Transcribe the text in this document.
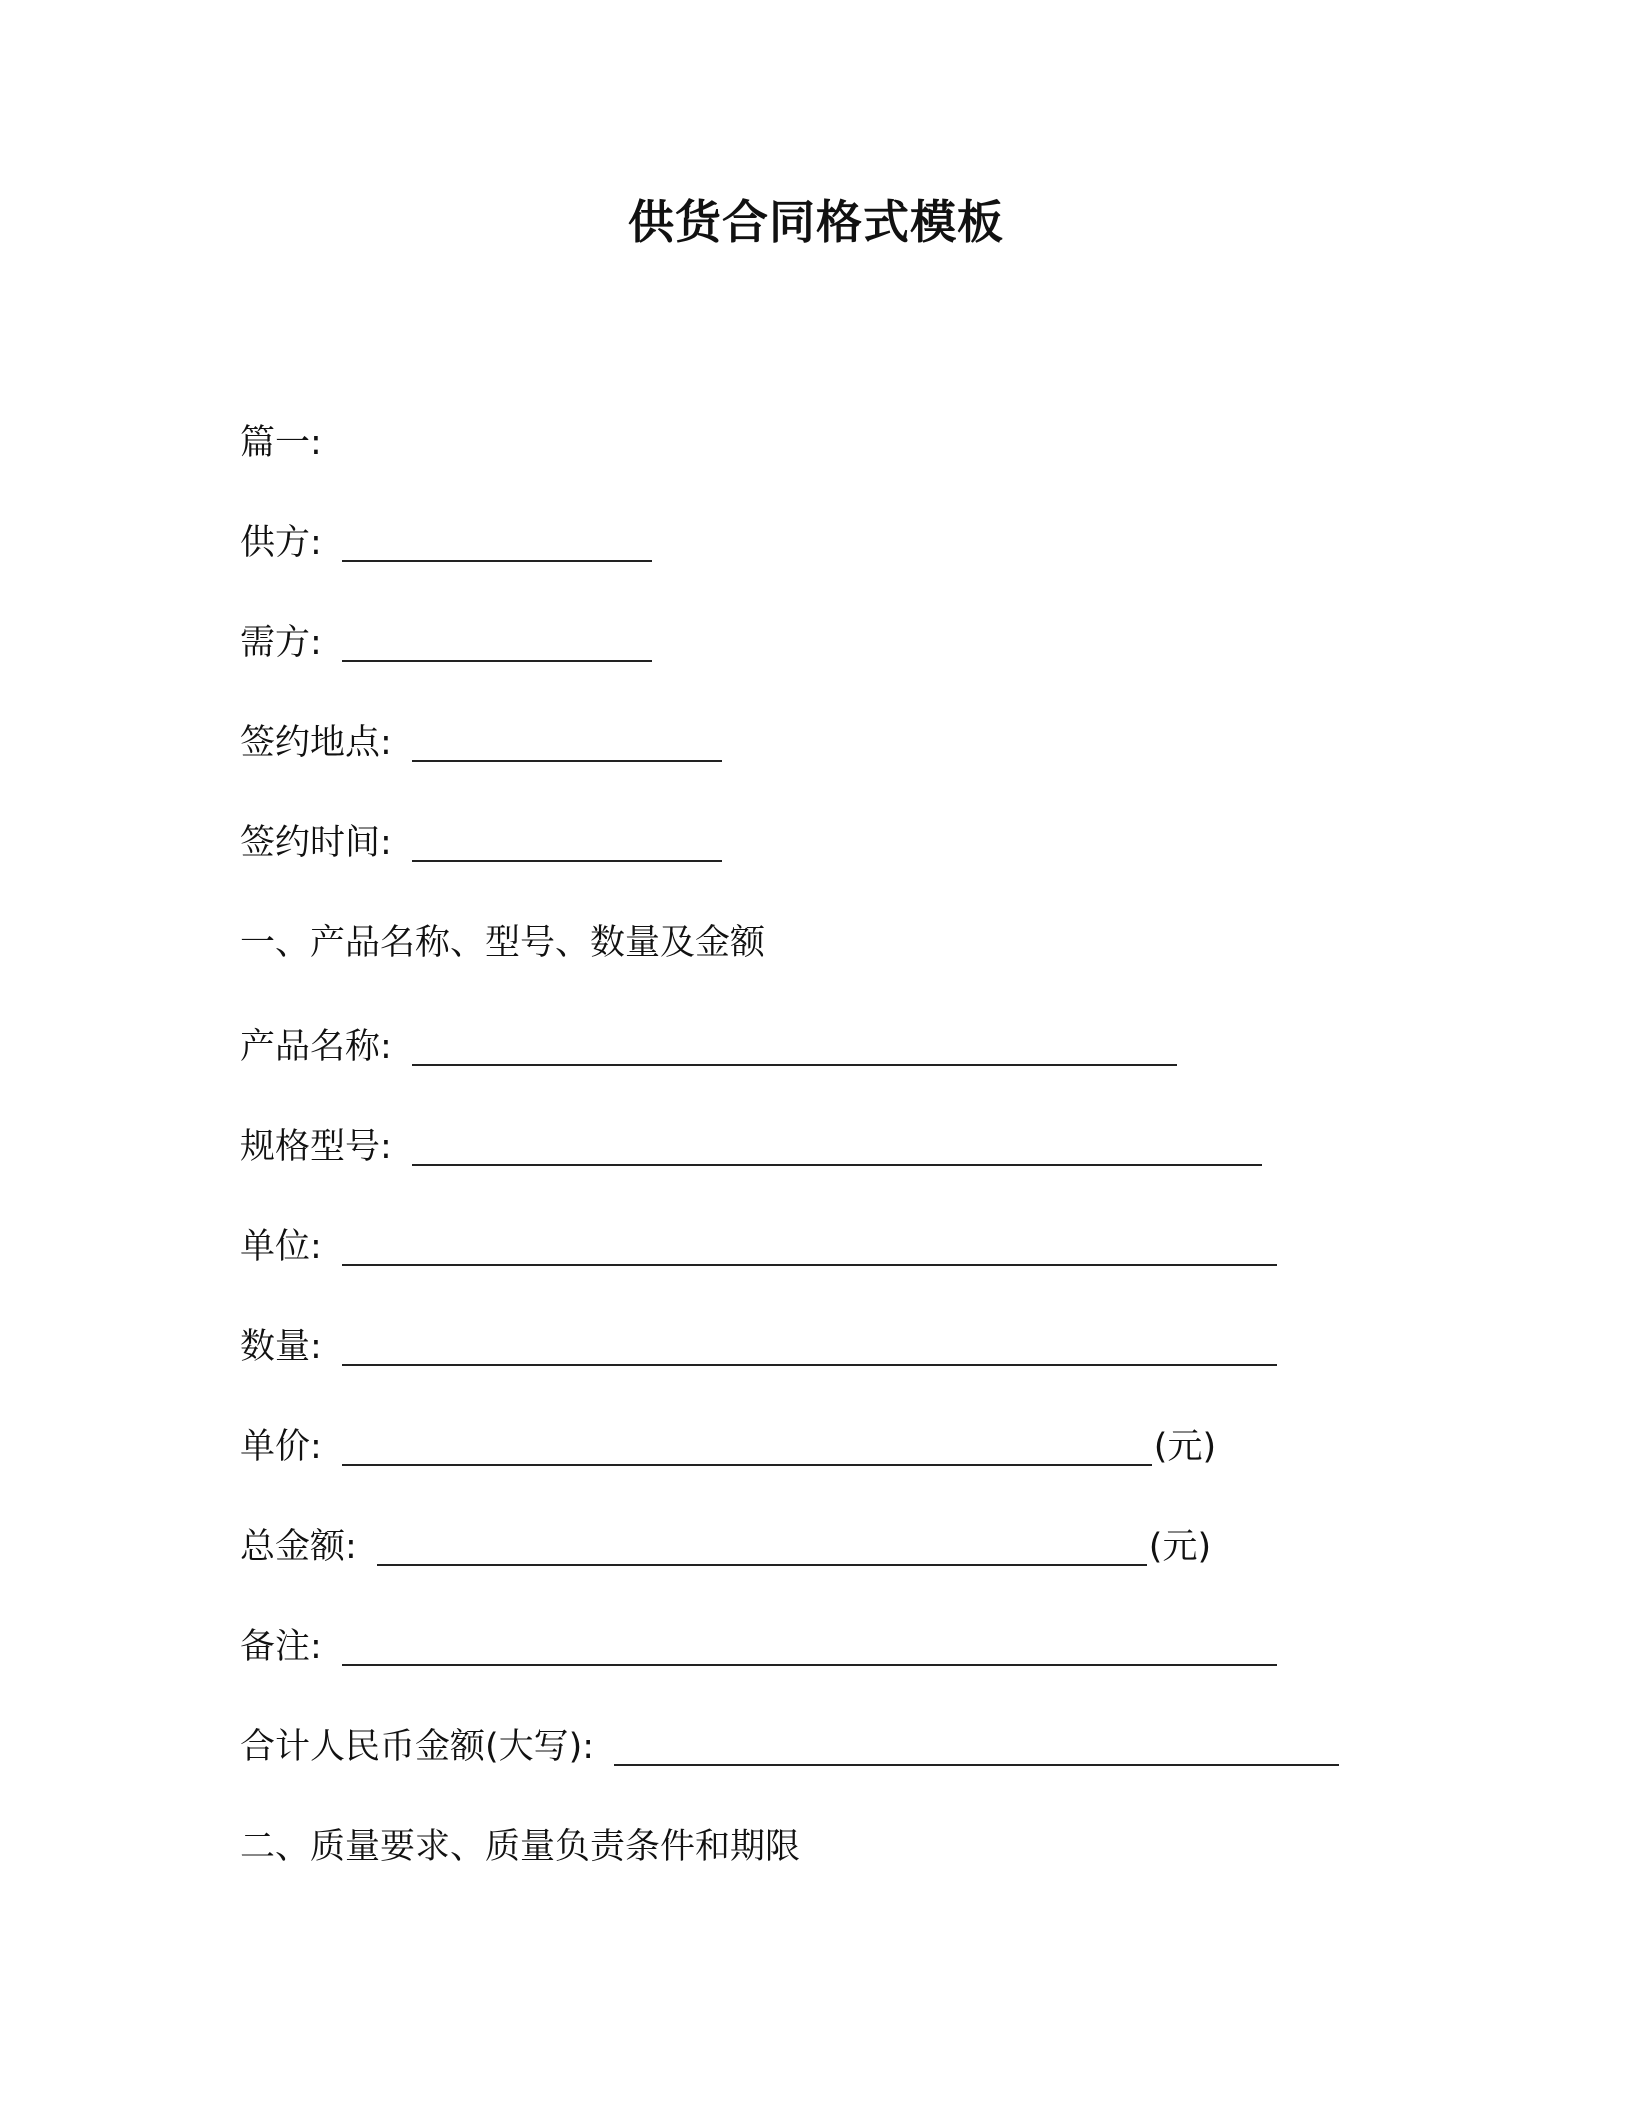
供货合同格式模板
篇一:
供方:
需方:
签约地点:
签约时间:
一、产品名称、型号、数量及金额
产品名称:
规格型号:
单位:
数量:
单价:	(元)
总金额:	(元)
备注:
合计人民币金额(大写):
二、质量要求、质量负责条件和期限
